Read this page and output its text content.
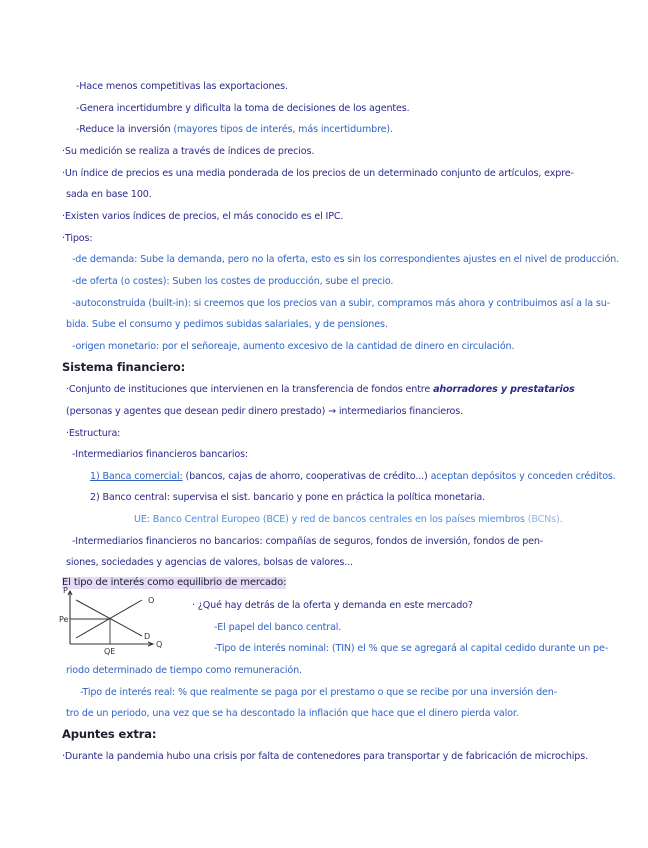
-Hace menos competitivas las exportaciones.
-Genera incertidumbre y dificulta la toma de decisiones de los agentes.
-Reduce la inversión (mayores tipos de interés, más incertidumbre).
·Su medición se realiza a través de índices de precios.
·Un índice de precios es una media ponderada de los precios de un determinado conjunto de artículos, expre-
sada en base 100.
·Existen varios índices de precios, el más conocido es el IPC.
·Tipos:
-de demanda: Sube la demanda, pero no la oferta, esto es sin los correspondientes ajustes en el nivel de producción.
-de oferta (o costes): Suben los costes de producción, sube el precio.
-autoconstruida (built-in): si creemos que los precios van a subir, compramos más ahora y contribuimos así a la su-
bida. Sube el consumo y pedimos subidas salariales, y de pensiones.
-origen monetario: por el señoreaje, aumento excesivo de la cantidad de dinero en circulación.
Sistema financiero:
·Conjunto de instituciones que intervienen en la transferencia de fondos entre ahorradores y prestatarios
(personas y agentes que desean pedir dinero prestado) → intermediarios financieros.
·Estructura:
-Intermediarios financieros bancarios:
1) Banca comercial: (bancos, cajas de ahorro, cooperativas de crédito...) aceptan depósitos y conceden créditos.
2) Banco central: supervisa el sist. bancario y pone en práctica la política monetaria.
UE: Banco Central Europeo (BCE) y red de bancos centrales en los países miembros (BCNs).
-Intermediarios financieros no bancarios: compañías de seguros, fondos de inversión, fondos de pen-
siones, sociedades y agencias de valores, bolsas de valores...
El tipo de interés como equilibrio de mercado:
P
Pe
O
D
Q
QE
· ¿Qué hay detrás de la oferta y demanda en este mercado?
-El papel del banco central.
-Tipo de interés nominal: (TIN) el % que se agregará al capital cedido durante un pe-
riodo determinado de tiempo como remuneración.
-Tipo de interés real: % que realmente se paga por el prestamo o que se recibe por una inversión den-
tro de un periodo, una vez que se ha descontado la inflación que hace que el dinero pierda valor.
Apuntes extra:
·Durante la pandemia hubo una crisis por falta de contenedores para transportar y de fabricación de microchips.
